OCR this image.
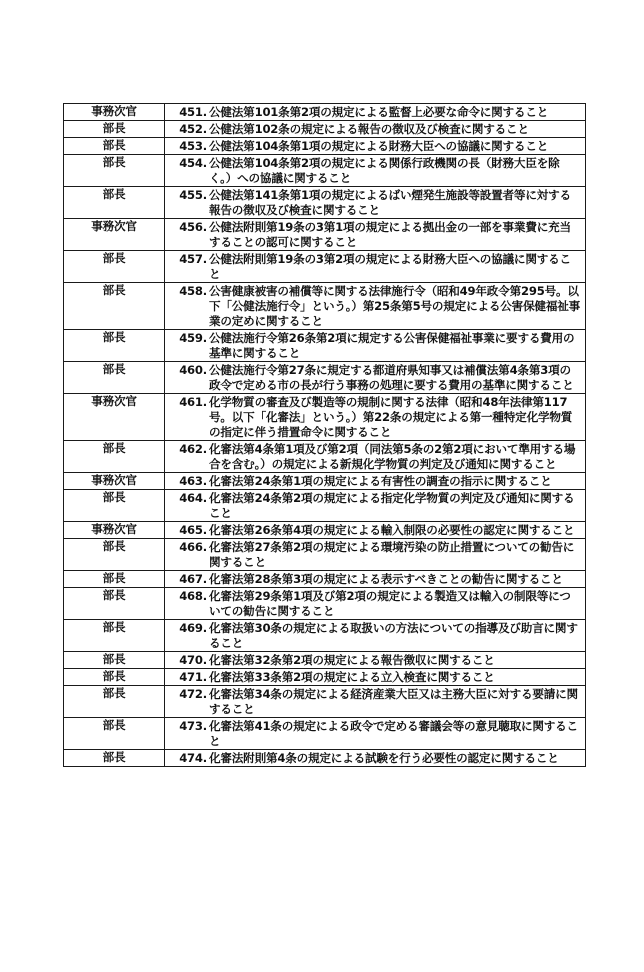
事務次官	451. 公健法第101条第2項の規定による監督上必要な命令に関すること

部長	452. 公健法第102条の規定による報告の徴収及び検査に関すること

部長	453. 公健法第104条第1項の規定による財務大臣への協議に関すること

部長	454. 公健法第104条第2項の規定による関係行政機関の長（財務大臣を除く。）への協議に関すること

部長	455. 公健法第141条第1項の規定によるばい煙発生施設等設置者等に対する報告の徴収及び検査に関すること

事務次官	456. 公健法附則第19条の3第1項の規定による拠出金の一部を事業費に充当することの認可に関すること

部長	457. 公健法附則第19条の3第2項の規定による財務大臣への協議に関すること

部長	458. 公害健康被害の補償等に関する法律施行令（昭和49年政令第295号。以下「公健法施行令」という。）第25条第5号の規定による公害保健福祉事業の定めに関すること

部長	459. 公健法施行令第26条第2項に規定する公害保健福祉事業に要する費用の基準に関すること

部長	460. 公健法施行令第27条に規定する都道府県知事又は補償法第4条第3項の政令で定める市の長が行う事務の処理に要する費用の基準に関すること

事務次官	461. 化学物質の審査及び製造等の規制に関する法律（昭和48年法律第117号。以下「化審法」という。）第22条の規定による第一種特定化学物質の指定に伴う措置命令に関すること

部長	462. 化審法第4条第1項及び第2項（同法第5条の2第2項において準用する場合を含む。）の規定による新規化学物質の判定及び通知に関すること

事務次官	463. 化審法第24条第1項の規定による有害性の調査の指示に関すること

部長	464. 化審法第24条第2項の規定による指定化学物質の判定及び通知に関すること

事務次官	465. 化審法第26条第4項の規定による輸入制限の必要性の認定に関すること

部長	466. 化審法第27条第2項の規定による環境汚染の防止措置についての勧告に関すること

部長	467. 化審法第28条第3項の規定による表示すべきことの勧告に関すること

部長	468. 化審法第29条第1項及び第2項の規定による製造又は輸入の制限等についての勧告に関すること

部長	469. 化審法第30条の規定による取扱いの方法についての指導及び助言に関すること

部長	470. 化審法第32条第2項の規定による報告徴収に関すること

部長	471. 化審法第33条第2項の規定による立入検査に関すること

部長	472. 化審法第34条の規定による経済産業大臣又は主務大臣に対する要請に関すること

部長	473. 化審法第41条の規定による政令で定める審議会等の意見聴取に関すること

部長	474. 化審法附則第4条の規定による試験を行う必要性の認定に関すること
